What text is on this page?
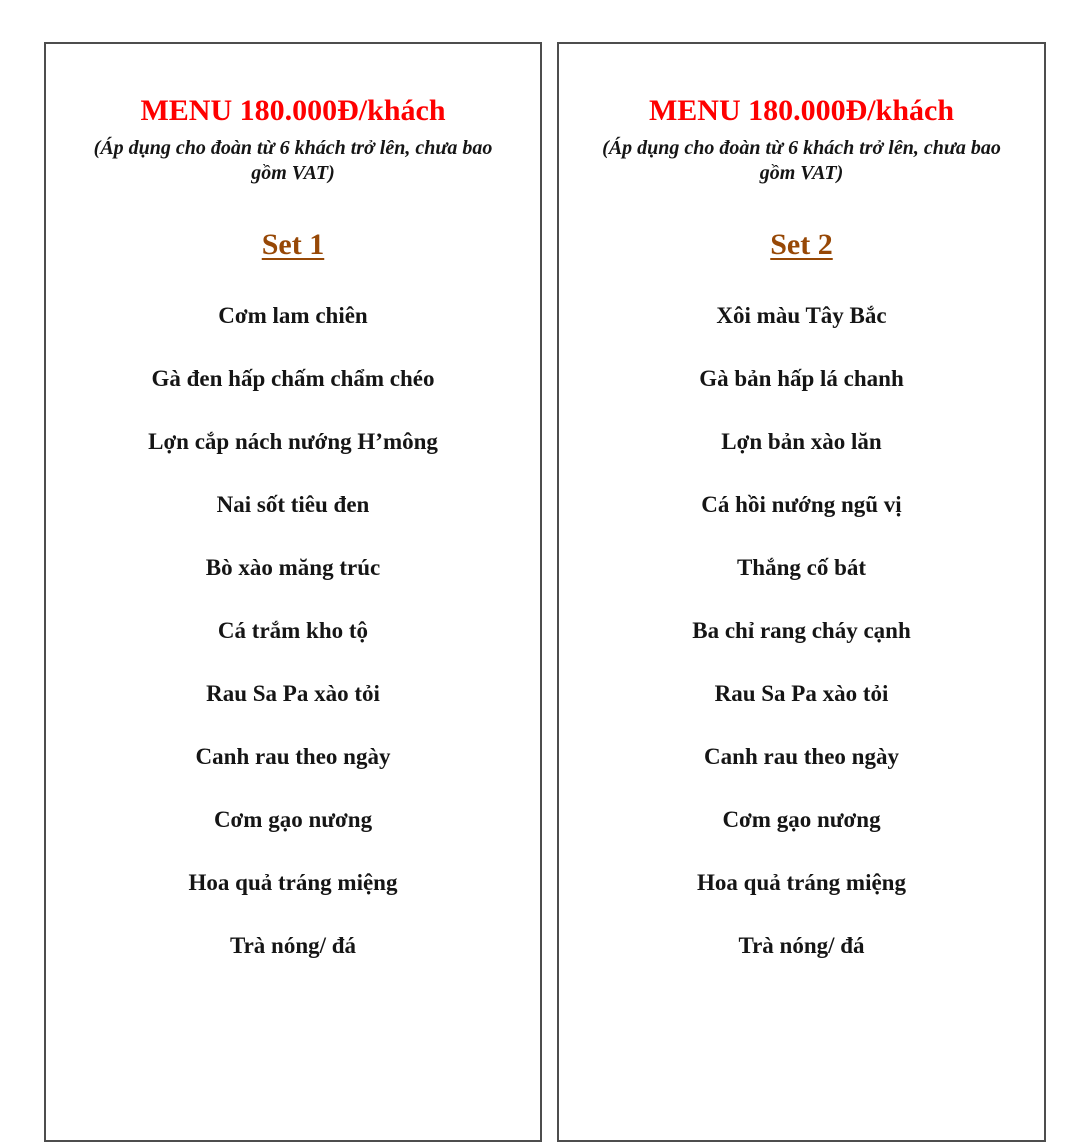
MENU 180.000Đ/khách
(Áp dụng cho đoàn từ 6 khách trở lên, chưa bao gồm VAT)
Set 1
Cơm lam chiên
Gà đen hấp chấm chẩm chéo
Lợn cắp nách nướng H’mông
Nai sốt tiêu đen
Bò xào măng trúc
Cá trắm kho tộ
Rau Sa Pa xào tỏi
Canh rau theo ngày
Cơm gạo nương
Hoa quả tráng miệng
Trà nóng/ đá
MENU 180.000Đ/khách
(Áp dụng cho đoàn từ 6 khách trở lên, chưa bao gồm VAT)
Set 2
Xôi màu Tây Bắc
Gà bản hấp lá chanh
Lợn bản xào lăn
Cá hồi nướng ngũ vị
Thắng cố bát
Ba chỉ rang cháy cạnh
Rau Sa Pa xào tỏi
Canh rau theo ngày
Cơm gạo nương
Hoa quả tráng miệng
Trà nóng/ đá
